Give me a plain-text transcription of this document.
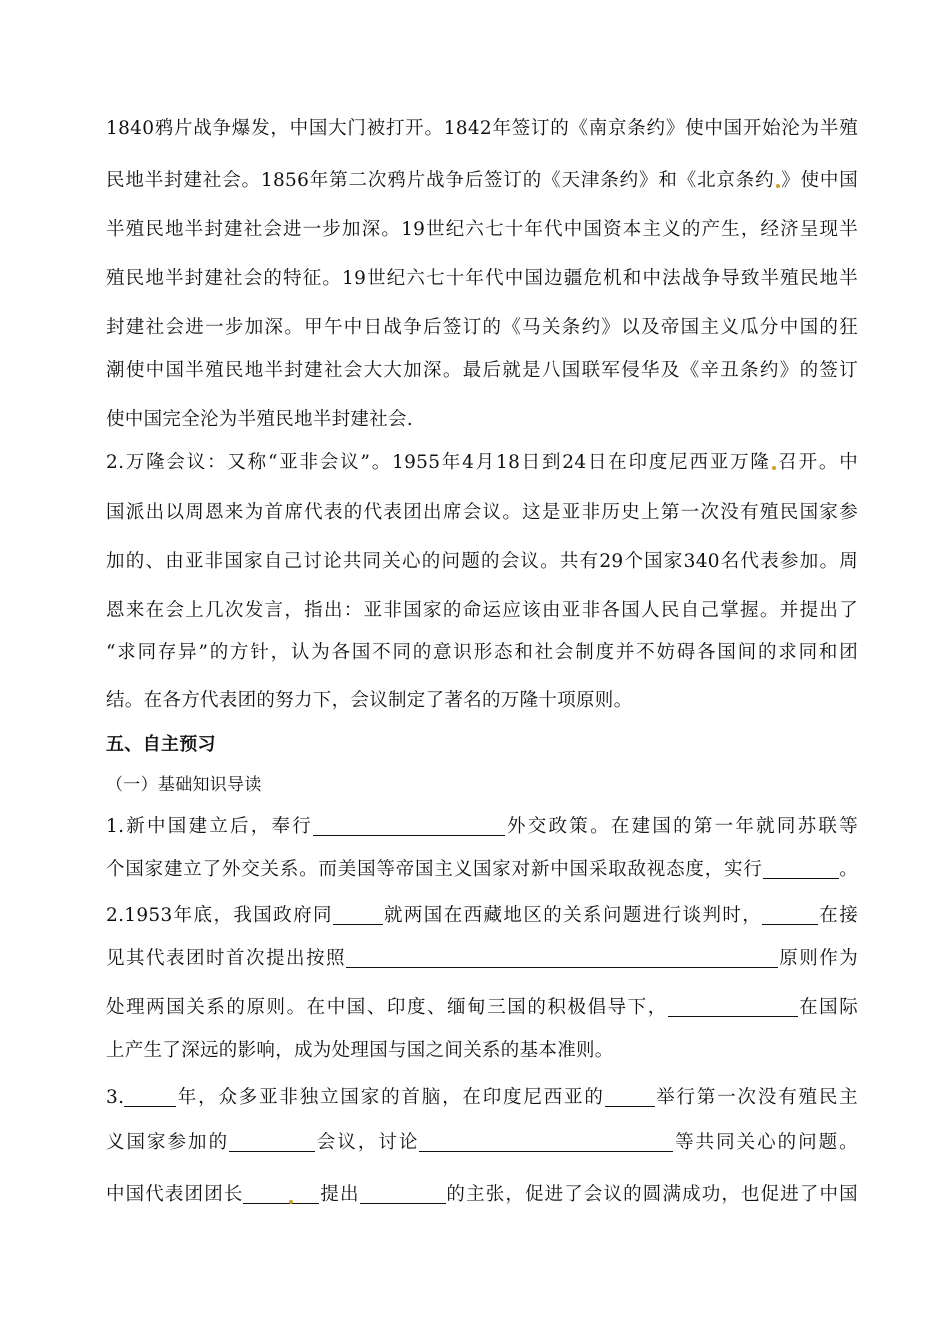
1840鸦片战争爆发，中国大门被打开。1842年签订的《南京条约》使中国开始沦为半殖
民地半封建社会。1856年第二次鸦片战争后签订的《天津条约》和《北京条约 》使中国
半殖民地半封建社会进一步加深。19世纪六七十年代中国资本主义的产生，经济呈现半
殖民地半封建社会的特征。19世纪六七十年代中国边疆危机和中法战争导致半殖民地半
封建社会进一步加深。甲午中日战争后签订的《马关条约》以及帝国主义瓜分中国的狂
潮使中国半殖民地半封建社会大大加深。最后就是八国联军侵华及《辛丑条约》的签订
使中国完全沦为半殖民地半封建社会.
2.万隆会议：又称“亚非会议”。1955年4月18日到24日在印度尼西亚万隆 召开。中
国派出以周恩来为首席代表的代表团出席会议。这是亚非历史上第一次没有殖民国家参
加的、由亚非国家自己讨论共同关心的问题的会议。共有29个国家340名代表参加。周
恩来在会上几次发言，指出：亚非国家的命运应该由亚非各国人民自己掌握。并提出了
“求同存异”的方针，认为各国不同的意识形态和社会制度并不妨碍各国间的求同和团
结。在各方代表团的努力下，会议制定了著名的万隆十项原则。
五、自主预习
（一）基础知识导读
1.新中国建立后，奉行	外交政策。在建国的第一年就同苏联等
个国家建立了外交关系。而美国等帝国主义国家对新中国采取敌视态度，实行	。
2.1953年底，我国政府同	就两国在西藏地区的关系问题进行谈判时，	在接
见其代表团时首次提出按照	原则作为
处理两国关系的原则。在中国、印度、缅甸三国的积极倡导下，	在国际
上产生了深远的影响，成为处理国与国之间关系的基本准则。
3.	年，众多亚非独立国家的首脑，在印度尼西亚的	举行第一次没有殖民主
义国家参加的	会议，讨论	等共同关心的问题。
中国代表团团长	提出	的主张，促进了会议的圆满成功，也促进了中国
